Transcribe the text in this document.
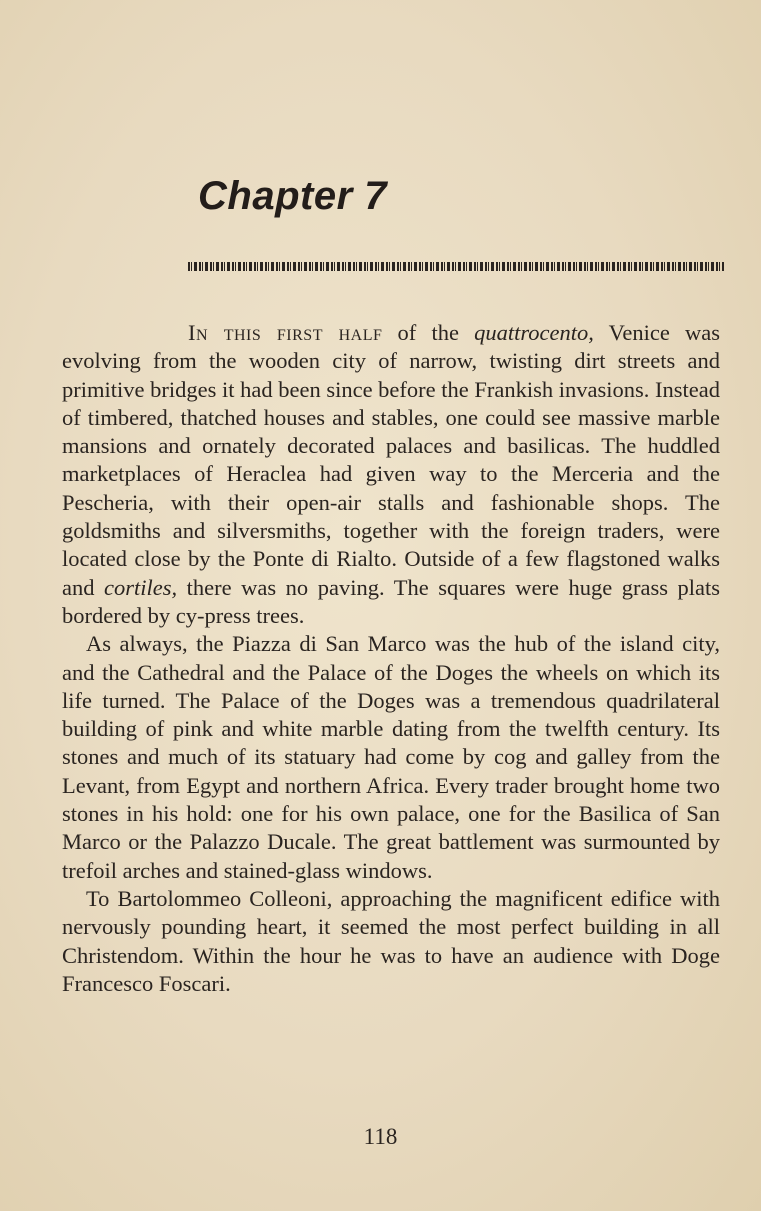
Chapter 7

In this first half of the quattrocento, Venice was evolving from the wooden city of narrow, twisting dirt streets and primitive bridges it had been since before the Frankish invasions. Instead of timbered, thatched houses and stables, one could see massive marble mansions and ornately decorated palaces and basilicas. The huddled marketplaces of Heraclea had given way to the Merceria and the Pescheria, with their open-air stalls and fashionable shops. The goldsmiths and silversmiths, together with the foreign traders, were located close by the Ponte di Rialto. Outside of a few flagstoned walks and cortiles, there was no paving. The squares were huge grass plats bordered by cy-press trees.

As always, the Piazza di San Marco was the hub of the island city, and the Cathedral and the Palace of the Doges the wheels on which its life turned. The Palace of the Doges was a tremendous quadrilateral building of pink and white marble dating from the twelfth century. Its stones and much of its statuary had come by cog and galley from the Levant, from Egypt and northern Africa. Every trader brought home two stones in his hold: one for his own palace, one for the Basilica of San Marco or the Palazzo Ducale. The great battlement was surmounted by trefoil arches and stained-glass windows.

To Bartolommeo Colleoni, approaching the magnificent edifice with nervously pounding heart, it seemed the most perfect building in all Christendom. Within the hour he was to have an audience with Doge Francesco Foscari.

118
